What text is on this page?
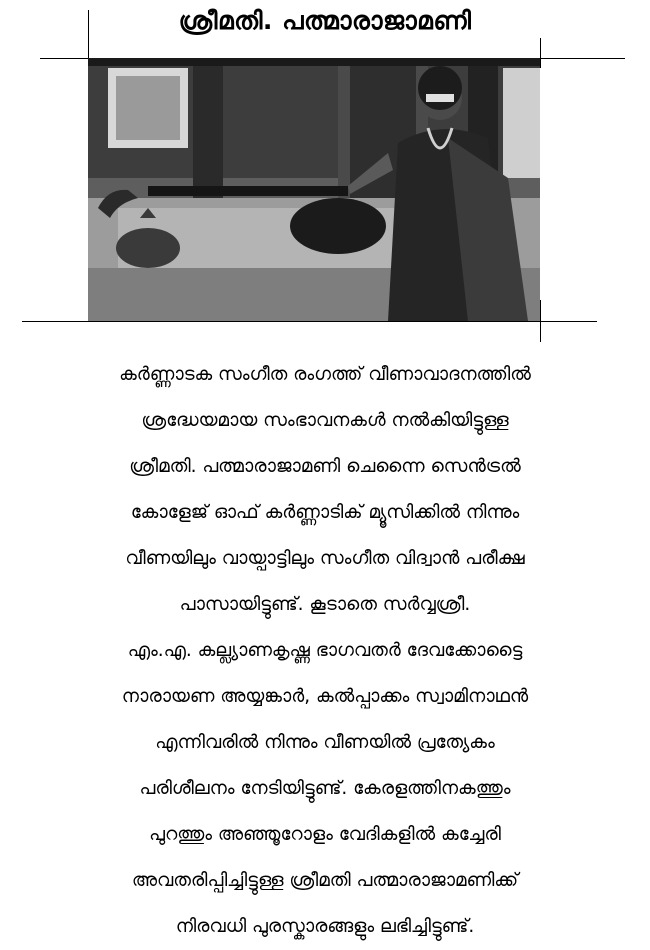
ശ്രീമതി. പത്മാരാജാമണി
കർണ്ണാടക സംഗീത രംഗത്ത് വീണാവാദനത്തിൽ
ശ്രദ്ധേയമായ സംഭാവനകൾ നൽകിയിട്ടുള്ള
ശ്രീമതി. പത്മാരാജാമണി ചെന്നൈ സെൻട്രൽ
കോളേജ് ഓഫ് കർണ്ണാടിക് മ്യൂസിക്കിൽ നിന്നും
വീണയിലും വായ്പാട്ടിലും സംഗീത വിദ്വാൻ പരീക്ഷ
പാസായിട്ടുണ്ട്. കൂടാതെ സർവ്വശ്രീ.
എം.എ. കല്ല്യാണകൃഷ്ണ ഭാഗവതർ ദേവക്കോട്ടൈ
നാരായണ അയ്യങ്കാർ, കൽപ്പാക്കം സ്വാമിനാഥൻ
എന്നിവരിൽ നിന്നും വീണയിൽ പ്രത്യേകം
പരിശീലനം നേടിയിട്ടുണ്ട്. കേരളത്തിനകത്തും
പുറത്തും അഞ്ഞൂറോളം വേദികളിൽ കച്ചേരി
അവതരിപ്പിച്ചിട്ടുള്ള ശ്രീമതി പത്മാരാജാമണിക്ക്
നിരവധി പുരസ്കാരങ്ങളും ലഭിച്ചിട്ടുണ്ട്.
